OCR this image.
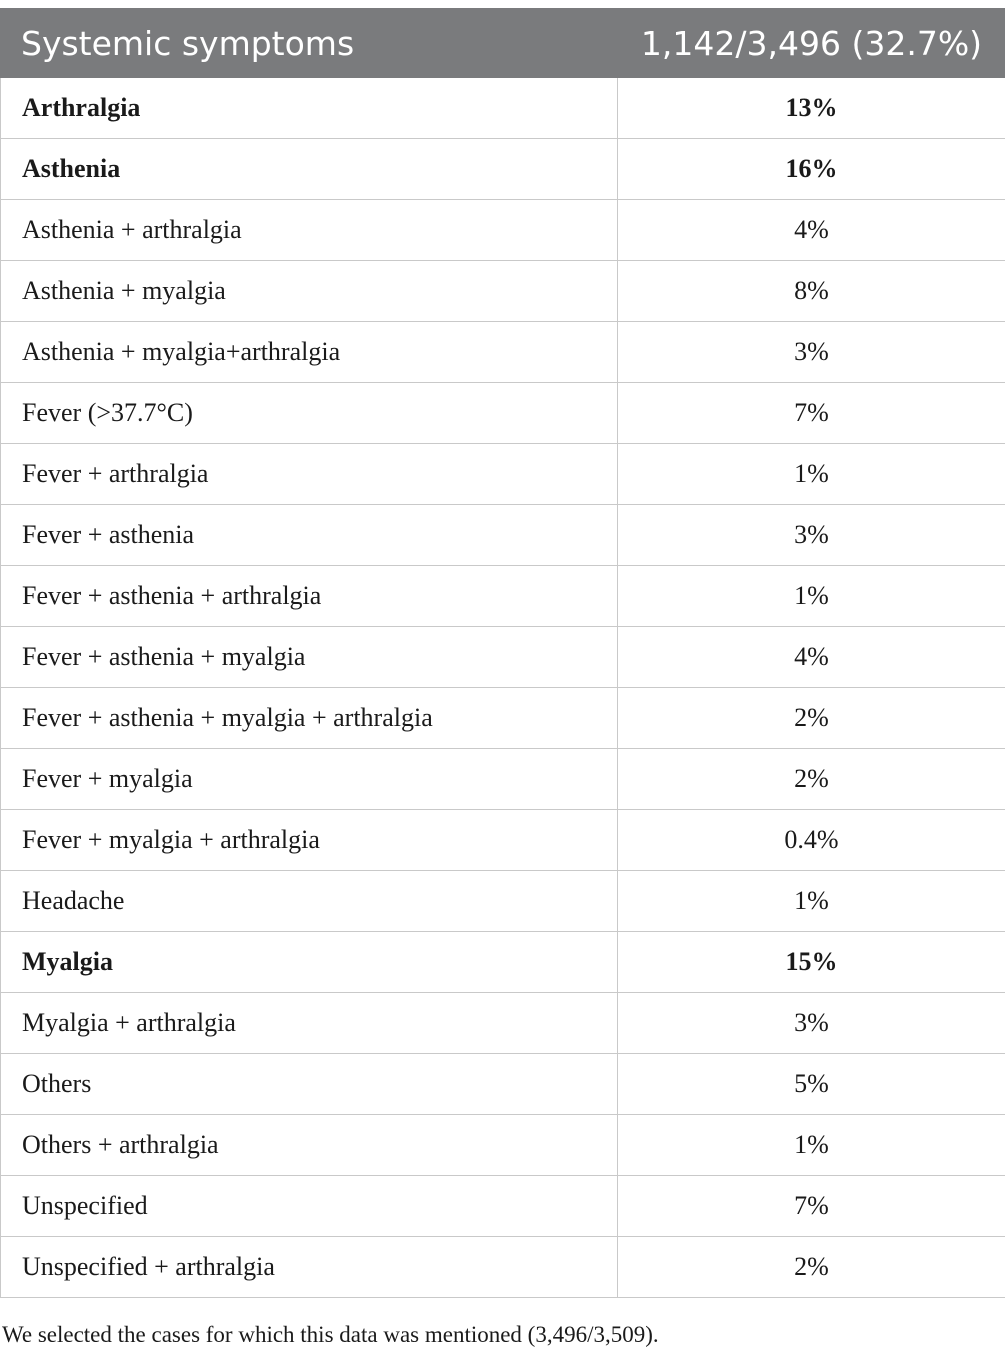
Systemic symptoms	1,142/3,496 (32.7%)
Arthralgia	13%
Asthenia	16%
Asthenia + arthralgia	4%
Asthenia + myalgia	8%
Asthenia + myalgia+arthralgia	3%
Fever (>37.7°C)	7%
Fever + arthralgia	1%
Fever + asthenia	3%
Fever + asthenia + arthralgia	1%
Fever + asthenia + myalgia	4%
Fever + asthenia + myalgia + arthralgia	2%
Fever + myalgia	2%
Fever + myalgia + arthralgia	0.4%
Headache	1%
Myalgia	15%
Myalgia + arthralgia	3%
Others	5%
Others + arthralgia	1%
Unspecified	7%
Unspecified + arthralgia	2%
We selected the cases for which this data was mentioned (3,496/3,509).
